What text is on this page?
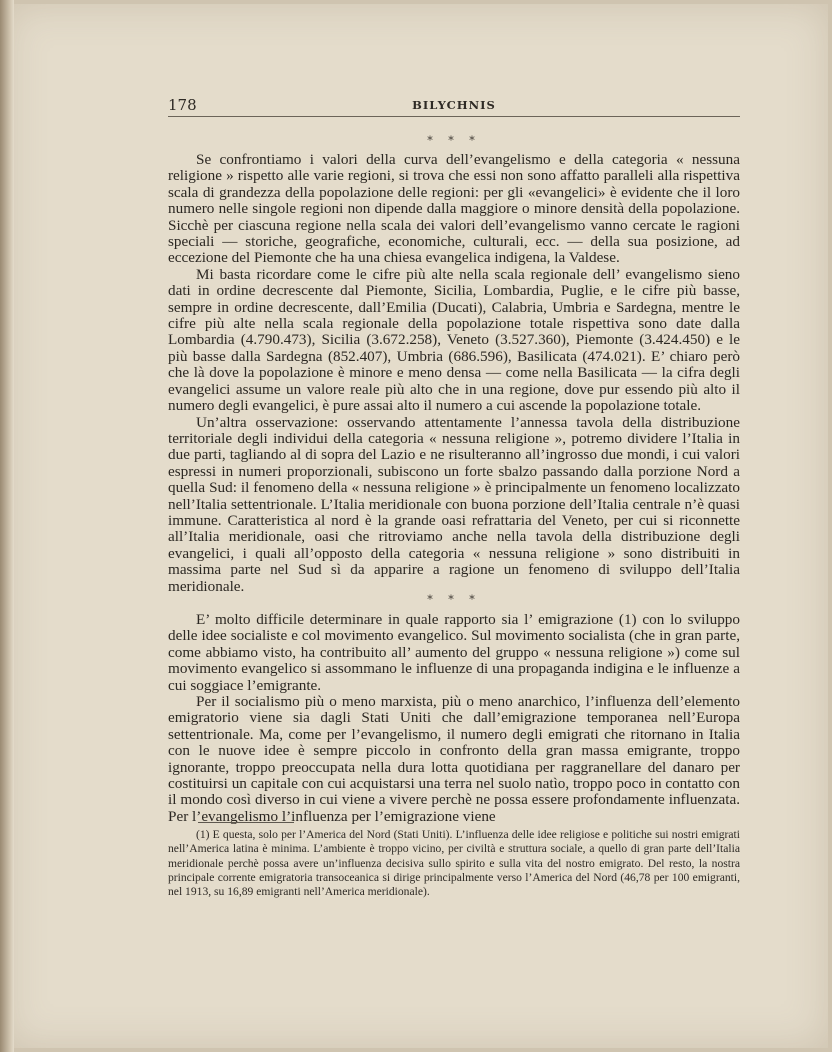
178	BILYCHNIS
* * *

Se confrontiamo i valori della curva dell’evangelismo e della categoria « nessuna religione » rispetto alle varie regioni, si trova che essi non sono affatto paralleli alla rispettiva scala di grandezza della popolazione delle regioni: per gli «evangelici» è evidente che il loro numero nelle singole regioni non dipende dalla maggiore o minore densità della popolazione. Sicchè per ciascuna regione nella scala dei valori dell’evangelismo vanno cercate le ragioni speciali — storiche, geografiche, economiche, culturali, ecc. — della sua posizione, ad eccezione del Piemonte che ha una chiesa evangelica indigena, la Valdese.

Mi basta ricordare come le cifre più alte nella scala regionale dell’ evangelismo sieno dati in ordine decrescente dal Piemonte, Sicilia, Lombardia, Puglie, e le cifre più basse, sempre in ordine decrescente, dall’Emilia (Ducati), Calabria, Umbria e Sardegna, mentre le cifre più alte nella scala regionale della popolazione totale rispettiva sono date dalla Lombardia (4.790.473), Sicilia (3.672.258), Veneto (3.527.360), Piemonte (3.424.450) e le più basse dalla Sardegna (852.407), Umbria (686.596), Basilicata (474.021). E’ chiaro però che là dove la popolazione è minore e meno densa — come nella Basilicata — la cifra degli evangelici assume un valore reale più alto che in una regione, dove pur essendo più alto il numero degli evangelici, è pure assai alto il numero a cui ascende la popolazione totale.

Un’altra osservazione: osservando attentamente l’annessa tavola della distribuzione territoriale degli individui della categoria « nessuna religione », potremo dividere l’Italia in due parti, tagliando al di sopra del Lazio e ne risulteranno all’ingrosso due mondi, i cui valori espressi in numeri proporzionali, subiscono un forte sbalzo passando dalla porzione Nord a quella Sud: il fenomeno della « nessuna religione » è principalmente un fenomeno localizzato nell’Italia settentrionale. L’Italia meridionale con buona porzione dell’Italia centrale n’è quasi immune. Caratteristica al nord è la grande oasi refrattaria del Veneto, per cui si riconnette all’Italia meridionale, oasi che ritroviamo anche nella tavola della distribuzione degli evangelici, i quali all’opposto della categoria « nessuna religione » sono distribuiti in massima parte nel Sud sì da apparire a ragione un fenomeno di sviluppo dell’Italia meridionale.

* * *

E’ molto difficile determinare in quale rapporto sia l’ emigrazione (1) con lo sviluppo delle idee socialiste e col movimento evangelico. Sul movimento socialista (che in gran parte, come abbiamo visto, ha contribuito all’ aumento del gruppo « nessuna religione ») come sul movimento evangelico si assommano le influenze di una propaganda indigina e le influenze a cui soggiace l’emigrante.

Per il socialismo più o meno marxista, più o meno anarchico, l’influenza dell’elemento emigratorio viene sia dagli Stati Uniti che dall’emigrazione temporanea nell’Europa settentrionale. Ma, come per l’evangelismo, il numero degli emigrati che ritornano in Italia con le nuove idee è sempre piccolo in confronto della gran massa emigrante, troppo ignorante, troppo preoccupata nella dura lotta quotidiana per raggranellare del danaro per costituirsi un capitale con cui acquistarsi una terra nel suolo natìo, troppo poco in contatto con il mondo così diverso in cui viene a vivere perchè ne possa essere profondamente influenzata. Per l’evangelismo l’influenza per l’emigrazione viene

(1) E questa, solo per l’America del Nord (Stati Uniti). L’influenza delle idee religiose e politiche sui nostri emigrati nell’America latina è minima. L’ambiente è troppo vicino, per civiltà e struttura sociale, a quello di gran parte dell’Italia meridionale perchè possa avere un’influenza decisiva sullo spirito e sulla vita del nostro emigrato. Del resto, la nostra principale corrente emigratoria transoceanica si dirige principalmente verso l’America del Nord (46,78 per 100 emigranti, nel 1913, su 16,89 emigranti nell’America meridionale).
